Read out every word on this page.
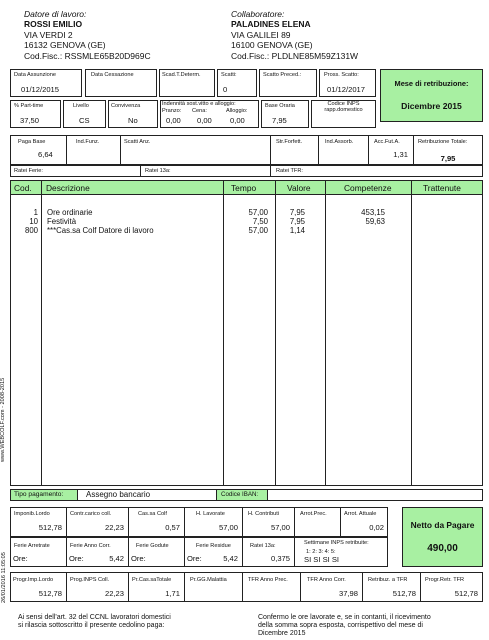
Datore di lavoro:
ROSSI EMILIO
VIA VERDI 2
16132 GENOVA (GE)
Cod.Fisc.: RSSMLE65B20D969C
Collaboratore:
PALADINES ELENA
VIA GALILEI 89
16100 GENOVA (GE)
Cod.Fisc.: PLDLNE85M59Z131W
Data Assunzione
01/12/2015
Data Cessazione	Scad.T.Determ.	Scatti:
0
Scatto Preced.:	Pross. Scatto:
01/12/2017
Mese di retribuzione:
Dicembre 2015
% Part-time
37,50
Livello
CS
Convivenza
No
Indennità sost.vitto e alloggio:
Pranzo: Cena:	Alloggio:
0,00 0,00 0,00
Base Oraria
7,95
Codice INPS
rapp.domestico
Paga Base
6,64
Ind.Funz.	Scatti Anz.	Str.Forfett.	Ind.Assorb.	Acc.Fut.A.
1,31
Retribuzione Totale:
7,95
Ratei Ferie:	Ratei 13a:	Ratei TFR:
Cod. Descrizione	Tempo	Valore	Competenze	Trattenute
1 Ore ordinarie	57,00	7,95	453,15
10 Festività	7,50	7,95	59,63
800 ***Cas.sa Colf Datore di lavoro	57,00	1,14
www.WEBCOLF.com - 2008-2015
26/01/2016 11:05:05
Tipo pagamento:	Assegno bancario	Codice IBAN:
Imponib.Lordo
512,78
Contr.carico coll.
22,23
Cas.sa Colf
0,57
H. Lavorate
57,00
H. Contributi
57,00
Arrot.Prec.	Arrot. Attuale
0,02	Netto da Pagare
490,00
Ferie Arretrate
Ore:
Ferie Anno Corr.
Ore:	5,42
Ferie Godute
Ore:
Ferie Residue
Ore:	5,42
Ratei 13a:
0,375
Settimane INPS retribuite:
1: 2: 3: 4: 5:
SI SI SI SI
Progr.Imp.Lordo
512,78
Prog.INPS Coll.
22,23
Pr.Cas.saTotale
1,71
Pr.GG.Malattia	TFR Anno Prec.	TFR Anno Corr.
37,98
Retribuz. a TFR
512,78
Progr.Retr. TFR
512,78
Ai sensi dell'art. 32 del CCNL lavoratori domestici
si rilascia sottoscritto il presente cedolino paga:
Confermo le ore lavorate e, se in contanti, il ricevimento
della somma sopra esposta, corrispettivo del mese di
Dicembre 2015
